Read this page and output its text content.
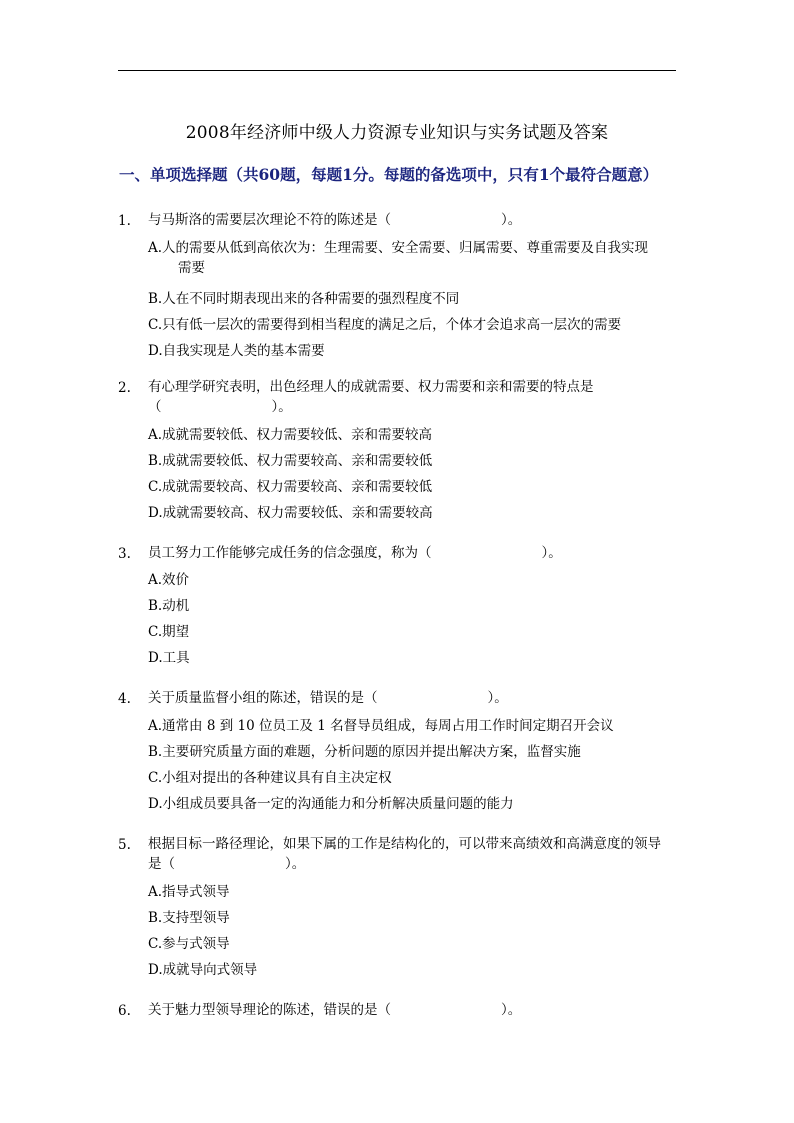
2008年经济师中级人力资源专业知识与实务试题及答案
一、单项选择题（共60题，每题1分。每题的备选项中，只有1个最符合题意）
1.	与马斯洛的需要层次理论不符的陈述是（	）。
A.人的需要从低到高依次为：生理需要、安全需要、归属需要、尊重需要及自我实现
需要
B.人在不同时期表现出来的各种需要的强烈程度不同
C.只有低一层次的需要得到相当程度的满足之后，个体才会追求高一层次的需要
D.自我实现是人类的基本需要
2.	有心理学研究表明，出色经理人的成就需要、权力需要和亲和需要的特点是
（	）。
A.成就需要较低、权力需要较低、亲和需要较高
B.成就需要较低、权力需要较高、亲和需要较低
C.成就需要较高、权力需要较高、亲和需要较低
D.成就需要较高、权力需要较低、亲和需要较高
3.	员工努力工作能够完成任务的信念强度，称为（	）。
A.效价
B.动机
C.期望
D.工具
4.	关于质量监督小组的陈述，错误的是（	）。
A.通常由 8 到 10 位员工及 1 名督导员组成，每周占用工作时间定期召开会议
B.主要研究质量方面的难题，分析问题的原因并提出解决方案，监督实施
C.小组对提出的各种建议具有自主决定权
D.小组成员要具备一定的沟通能力和分析解决质量问题的能力
5.	根据目标一路径理论，如果下属的工作是结构化的，可以带来高绩效和高满意度的领导
是（	）。
A.指导式领导
B.支持型领导
C.参与式领导
D.成就导向式领导
6.	关于魅力型领导理论的陈述，错误的是（	）。
